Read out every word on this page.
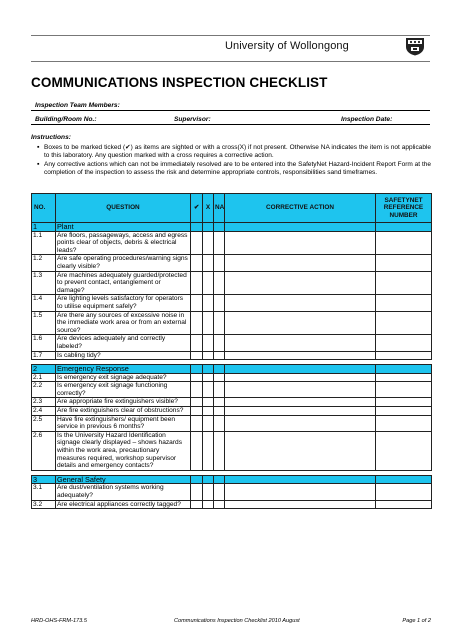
University of Wollongong
COMMUNICATIONS INSPECTION CHECKLIST
Inspection Team Members:
Building/Room No.:	Supervisor:	Inspection Date:
Instructions:
▪ Boxes to be marked ticked (✔) as items are sighted or with a cross(X) if not present. Otherwise NA indicates the item is not applicable to this laboratory. Any question marked with a cross requires a corrective action.
▪ Any corrective actions which can not be immediately resolved are to be entered into the SafetyNet Hazard-Incident Report Form at the completion of the inspection to assess the risk and determine appropriate controls, responsibilities sand timeframes.
NO.	QUESTION	✔	X	NA	CORRECTIVE ACTION	SAFETYNET REFERENCE NUMBER
1	Plant					
1.1	Are floors, passageways, access and egress points clear of objects, debris & electrical leads?					
1.2	Are safe operating procedures/warning signs clearly visible?					
1.3	Are machines adequately guarded/protected to prevent contact, entanglement or damage?					
1.4	Are lighting levels satisfactory for operators to utilise equipment safely?					
1.5	Are there any sources of excessive noise in the immediate work area or from an external source?					
1.6	Are devices adequately and correctly labeled?					
1.7	Is cabling tidy?					

2	Emergency Response					
2.1	Is emergency exit signage adequate?					
2.2	Is emergency exit signage functioning correctly?					
2.3	Are appropriate fire extinguishers visible?					
2.4	Are fire extinguishers clear of obstructions?					
2.5	Have fire extinguishers/ equipment been service in previous 6 months?					
2.6	Is the University Hazard Identification signage clearly displayed – shows hazards within the work area, precautionary measures required, workshop supervisor details and emergency contacts?					

3	General Safety					
3.1	Are dust/ventilation systems working adequately?					
3.2	Are electrical appliances correctly tagged?					
HRD-OHS-FRM-173.5	Communications Inspection Checklist 2010 August	Page 1 of 2
